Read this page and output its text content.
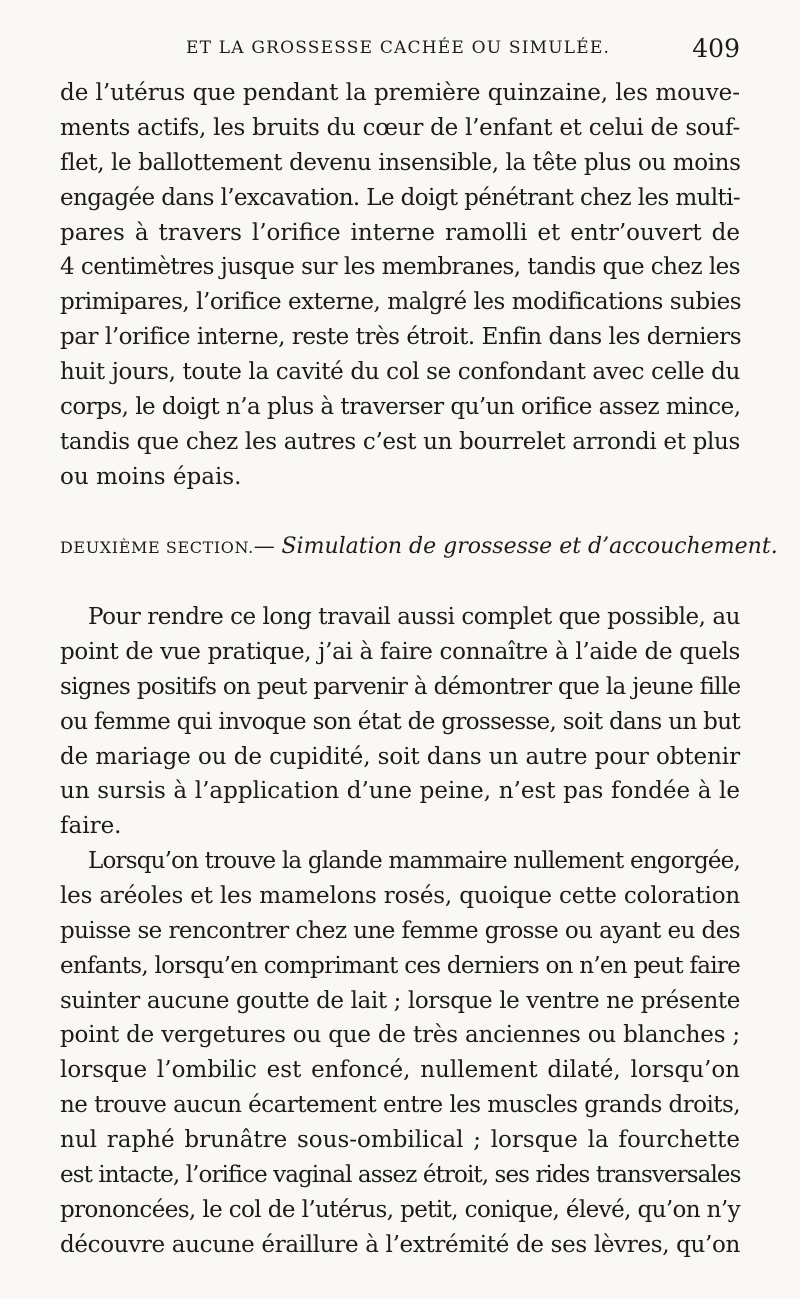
ET LA GROSSESSE CACHÉE OU SIMULÉE.	409
de l’utérus que pendant la première quinzaine, les mouve-
ments actifs, les bruits du cœur de l’enfant et celui de souf-
flet, le ballottement devenu insensible, la tête plus ou moins
engagée dans l’excavation. Le doigt pénétrant chez les multi-
pares à travers l’orifice interne ramolli et entr’ouvert de
4 centimètres jusque sur les membranes, tandis que chez les
primipares, l’orifice externe, malgré les modifications subies
par l’orifice interne, reste très étroit. Enfin dans les derniers
huit jours, toute la cavité du col se confondant avec celle du
corps, le doigt n’a plus à traverser qu’un orifice assez mince,
tandis que chez les autres c’est un bourrelet arrondi et plus
ou moins épais.
DEUXIÈME SECTION.— Simulation de grossesse et d’accouchement.
Pour rendre ce long travail aussi complet que possible, au
point de vue pratique, j’ai à faire connaître à l’aide de quels
signes positifs on peut parvenir à démontrer que la jeune fille
ou femme qui invoque son état de grossesse, soit dans un but
de mariage ou de cupidité, soit dans un autre pour obtenir
un sursis à l’application d’une peine, n’est pas fondée à le
faire.
Lorsqu’on trouve la glande mammaire nullement engorgée,
les aréoles et les mamelons rosés, quoique cette coloration
puisse se rencontrer chez une femme grosse ou ayant eu des
enfants, lorsqu’en comprimant ces derniers on n’en peut faire
suinter aucune goutte de lait ; lorsque le ventre ne présente
point de vergetures ou que de très anciennes ou blanches ;
lorsque l’ombilic est enfoncé, nullement dilaté, lorsqu’on
ne trouve aucun écartement entre les muscles grands droits,
nul raphé brunâtre sous-ombilical ; lorsque la fourchette
est intacte, l’orifice vaginal assez étroit, ses rides transversales
prononcées, le col de l’utérus, petit, conique, élevé, qu’on n’y
découvre aucune éraillure à l’extrémité de ses lèvres, qu’on
